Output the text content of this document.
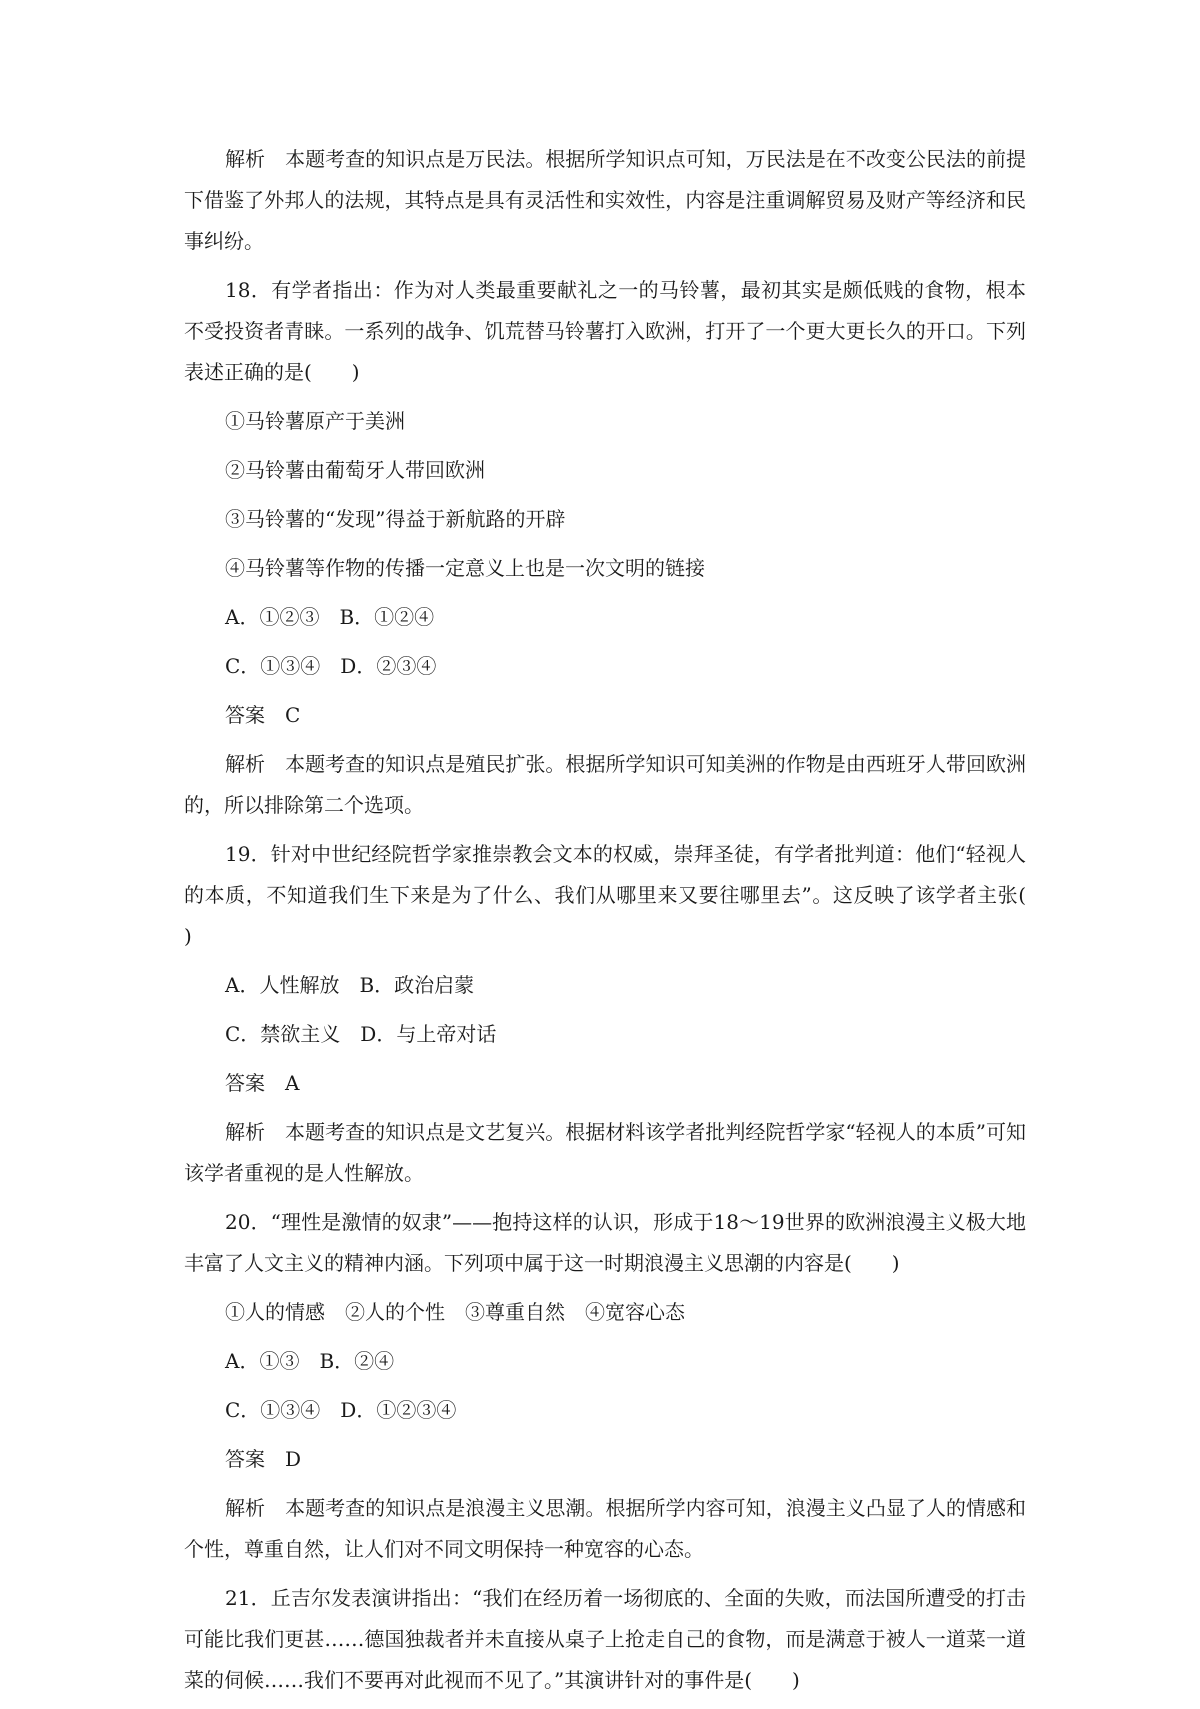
解析　本题考查的知识点是万民法。根据所学知识点可知，万民法是在不改变公民法的前提下借鉴了外邦人的法规，其特点是具有灵活性和实效性，内容是注重调解贸易及财产等经济和民事纠纷。

18．有学者指出：作为对人类最重要献礼之一的马铃薯，最初其实是颇低贱的食物，根本不受投资者青睐。一系列的战争、饥荒替马铃薯打入欧洲，打开了一个更大更长久的开口。下列表述正确的是(　　)

①马铃薯原产于美洲

②马铃薯由葡萄牙人带回欧洲

③马铃薯的“发现”得益于新航路的开辟

④马铃薯等作物的传播一定意义上也是一次文明的链接

A．①②③　B．①②④

C．①③④　D．②③④

答案　C

解析　本题考查的知识点是殖民扩张。根据所学知识可知美洲的作物是由西班牙人带回欧洲的，所以排除第二个选项。

19．针对中世纪经院哲学家推崇教会文本的权威，崇拜圣徒，有学者批判道：他们“轻视人的本质，不知道我们生下来是为了什么、我们从哪里来又要往哪里去”。这反映了该学者主张(　　)

A．人性解放　B．政治启蒙

C．禁欲主义　D．与上帝对话

答案　A

解析　本题考查的知识点是文艺复兴。根据材料该学者批判经院哲学家“轻视人的本质”可知该学者重视的是人性解放。

20．“理性是激情的奴隶”——抱持这样的认识，形成于18～19世界的欧洲浪漫主义极大地丰富了人文主义的精神内涵。下列项中属于这一时期浪漫主义思潮的内容是(　　)

①人的情感　②人的个性　③尊重自然　④宽容心态

A．①③　B．②④

C．①③④　D．①②③④

答案　D

解析　本题考查的知识点是浪漫主义思潮。根据所学内容可知，浪漫主义凸显了人的情感和个性，尊重自然，让人们对不同文明保持一种宽容的心态。

21．丘吉尔发表演讲指出：“我们在经历着一场彻底的、全面的失败，而法国所遭受的打击可能比我们更甚……德国独裁者并未直接从桌子上抢走自己的食物，而是满意于被人一道菜一道菜的伺候……我们不要再对此视而不见了。”其演讲针对的事件是(　　)
